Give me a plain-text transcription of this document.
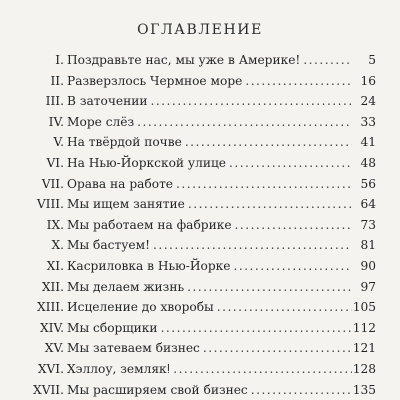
ОГЛАВЛЕНИЕ
I. Поздравьте нас, мы уже в Америке! . . .	5
II. Разверзлось Чермное море . . .	16
III. В заточении . . .	24
IV. Море слёз . . .	33
V. На твёрдой почве . . .	41
VI. На Нью-Йоркской улице . . .	48
VII. Орава на работе . . .	56
VIII. Мы ищем занятие . . .	64
IX. Мы работаем на фабрике . . .	73
X. Мы бастуем! . . .	81
XI. Касриловка в Нью-Йорке . . .	90
XII. Мы делаем жизнь . . .	97
XIII. Исцеление до хворобы . . .	105
XIV. Мы сборщики . . .	112
XV. Мы затеваем бизнес . . .	121
XVI. Хэллоу, землякǃ . . .	128
XVII. Мы расширяем свой бизнес . . .	135
